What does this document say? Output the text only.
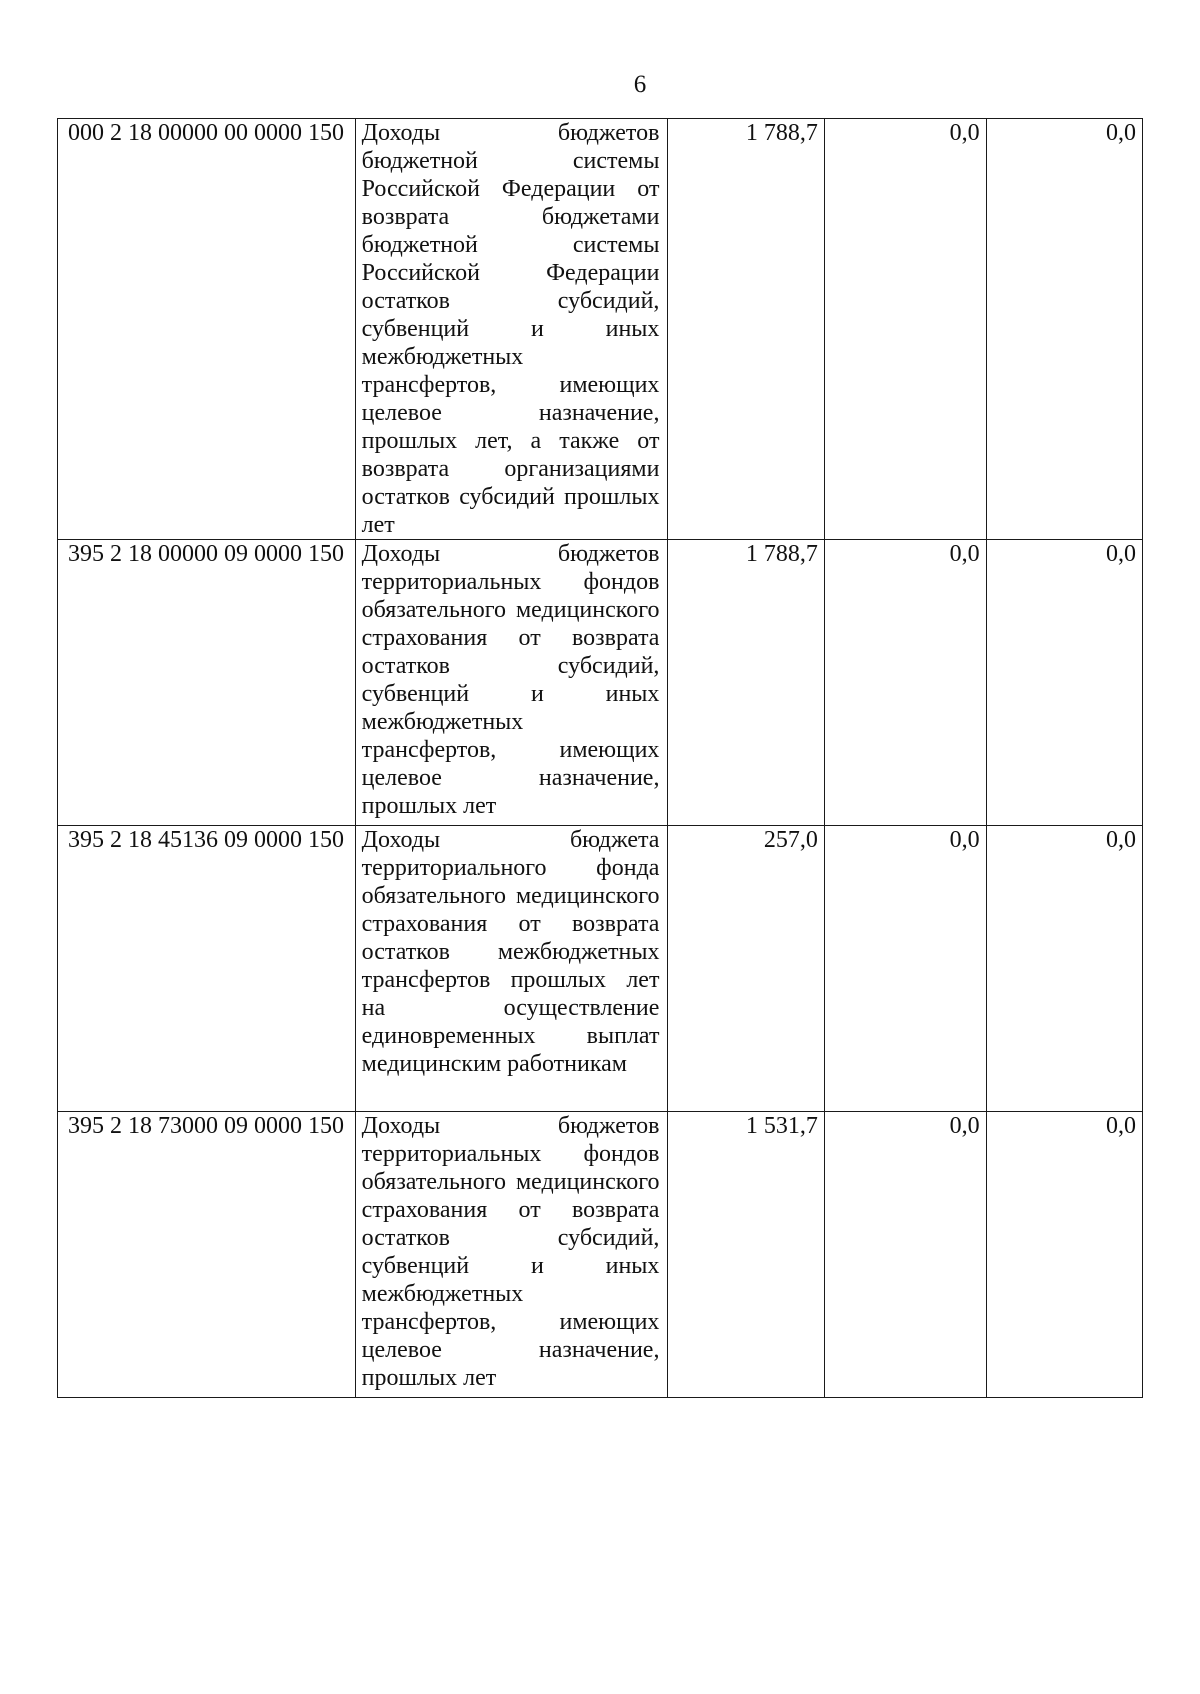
6
000 2 18 00000 00 0000 150	Доходы бюджетов бюджетной системы Российской Федерации от возврата бюджетами бюджетной системы Российской Федерации остатков субсидий, субвенций и иных межбюджетных трансфертов, имеющих целевое назначение, прошлых лет, а также от возврата организациями остатков субсидий прошлых лет	1 788,7	0,0	0,0
395 2 18 00000 09 0000 150	Доходы бюджетов территориальных фондов обязательного медицинского страхования от возврата остатков субсидий, субвенций и иных межбюджетных трансфертов, имеющих целевое назначение, прошлых лет	1 788,7	0,0	0,0
395 2 18 45136 09 0000 150	Доходы бюджета территориального фонда обязательного медицинского страхования от возврата остатков межбюджетных трансфертов прошлых лет на осуществление единовременных выплат медицинским работникам	257,0	0,0	0,0
395 2 18 73000 09 0000 150	Доходы бюджетов территориальных фондов обязательного медицинского страхования от возврата остатков субсидий, субвенций и иных межбюджетных трансфертов, имеющих целевое назначение, прошлых лет	1 531,7	0,0	0,0
